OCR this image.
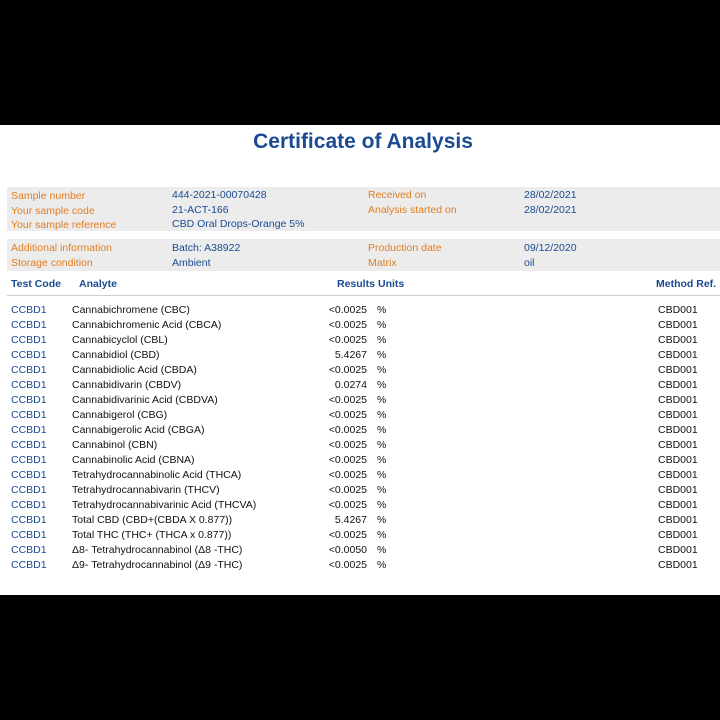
Certificate of Analysis
Sample number	444-2021-00070428
Your sample code	21-ACT-166
Your sample reference	CBD Oral Drops-Orange 5%
Received on	28/02/2021
Analysis started on	28/02/2021
Additional information	Batch: A38922
Storage condition	Ambient
Production date	09/12/2020
Matrix	oil
Test Code Analyte	Results Units	Method Ref.
CCBD1 Cannabichromene (CBC)	<0.0025 %	CBD001
CCBD1 Cannabichromenic Acid (CBCA)	<0.0025 %	CBD001
CCBD1 Cannabicyclol (CBL)	<0.0025 %	CBD001
CCBD1 Cannabidiol (CBD)	5.4267 %	CBD001
CCBD1 Cannabidiolic Acid (CBDA)	<0.0025 %	CBD001
CCBD1 Cannabidivarin (CBDV)	0.0274 %	CBD001
CCBD1 Cannabidivarinic Acid (CBDVA)	<0.0025 %	CBD001
CCBD1 Cannabigerol (CBG)	<0.0025 %	CBD001
CCBD1 Cannabigerolic Acid (CBGA)	<0.0025 %	CBD001
CCBD1 Cannabinol (CBN)	<0.0025 %	CBD001
CCBD1 Cannabinolic Acid (CBNA)	<0.0025 %	CBD001
CCBD1 Tetrahydrocannabinolic Acid (THCA)	<0.0025 %	CBD001
CCBD1 Tetrahydrocannabivarin (THCV)	<0.0025 %	CBD001
CCBD1 Tetrahydrocannabivarinic Acid (THCVA)	<0.0025 %	CBD001
CCBD1 Total CBD (CBD+(CBDA X 0.877))	5.4267 %	CBD001
CCBD1 Total THC (THC+ (THCA x 0.877))	<0.0025 %	CBD001
CCBD1 Δ8- Tetrahydrocannabinol (Δ8 -THC)	<0.0050 %	CBD001
CCBD1 Δ9- Tetrahydrocannabinol (Δ9 -THC)	<0.0025 %	CBD001
